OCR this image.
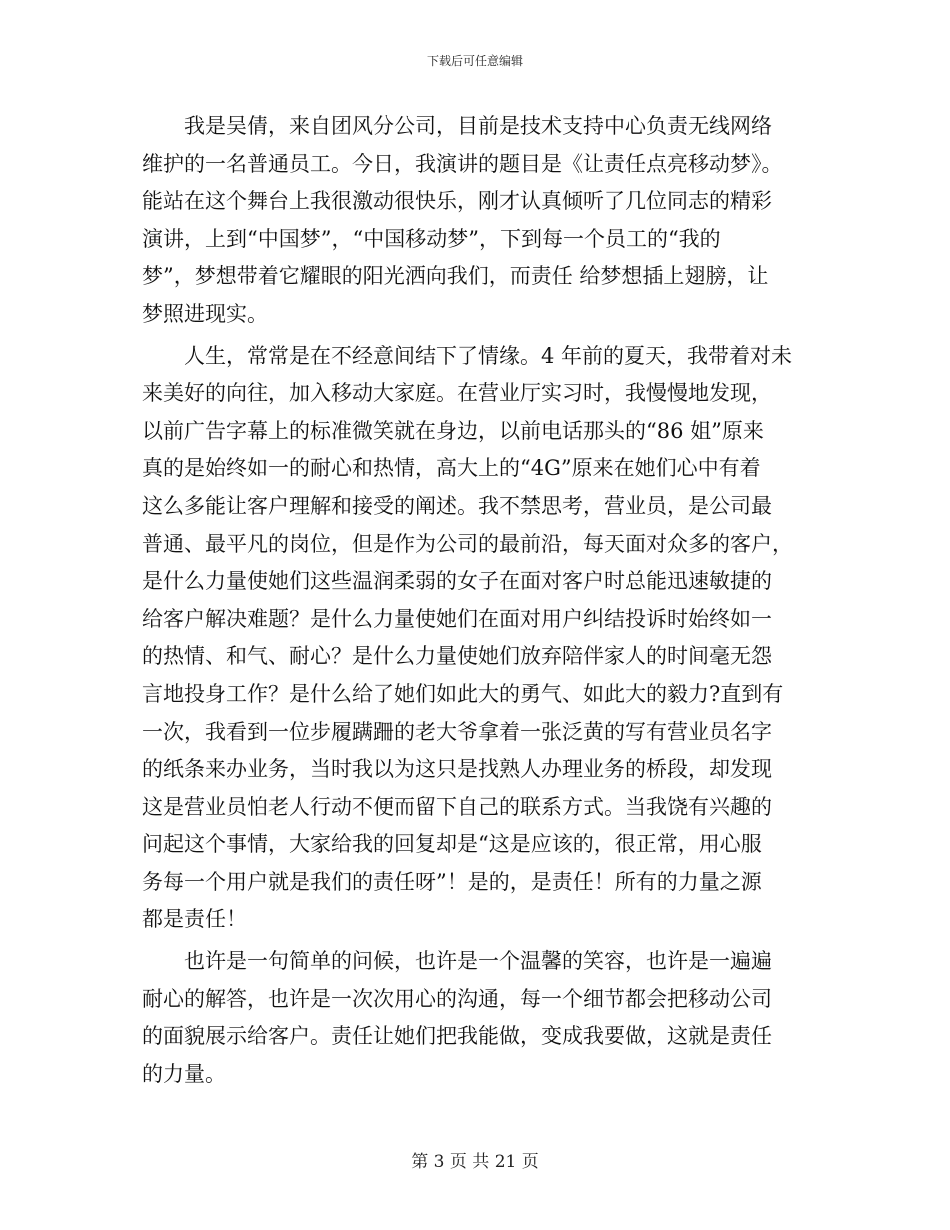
下载后可任意编辑
我是吴倩，来自团风分公司，目前是技术支持中心负责无线网络
维护的一名普通员工。今日，我演讲的题目是《让责任点亮移动梦》。
能站在这个舞台上我很激动很快乐，刚才认真倾听了几位同志的精彩
演讲，上到“中国梦”，“中国移动梦”，下到每一个员工的“我的
梦”，梦想带着它耀眼的阳光洒向我们，而责任 给梦想插上翅膀，让
梦照进现实。
人生，常常是在不经意间结下了情缘。4 年前的夏天，我带着对未
来美好的向往，加入移动大家庭。在营业厅实习时，我慢慢地发现，
以前广告字幕上的标准微笑就在身边，以前电话那头的“86 姐”原来
真的是始终如一的耐心和热情，高大上的“4G”原来在她们心中有着
这么多能让客户理解和接受的阐述。我不禁思考，营业员，是公司最
普通、最平凡的岗位，但是作为公司的最前沿，每天面对众多的客户，
是什么力量使她们这些温润柔弱的女子在面对客户时总能迅速敏捷的
给客户解决难题？是什么力量使她们在面对用户纠结投诉时始终如一
的热情、和气、耐心？是什么力量使她们放弃陪伴家人的时间毫无怨
言地投身工作？是什么给了她们如此大的勇气、如此大的毅力?直到有
一次，我看到一位步履蹒跚的老大爷拿着一张泛黄的写有营业员名字
的纸条来办业务，当时我以为这只是找熟人办理业务的桥段，却发现
这是营业员怕老人行动不便而留下自己的联系方式。当我饶有兴趣的
问起这个事情，大家给我的回复却是“这是应该的，很正常，用心服
务每一个用户就是我们的责任呀”！是的，是责任！所有的力量之源
都是责任！
也许是一句简单的问候，也许是一个温馨的笑容，也许是一遍遍
耐心的解答，也许是一次次用心的沟通，每一个细节都会把移动公司
的面貌展示给客户。责任让她们把我能做，变成我要做，这就是责任
的力量。
第 3 页 共 21 页
